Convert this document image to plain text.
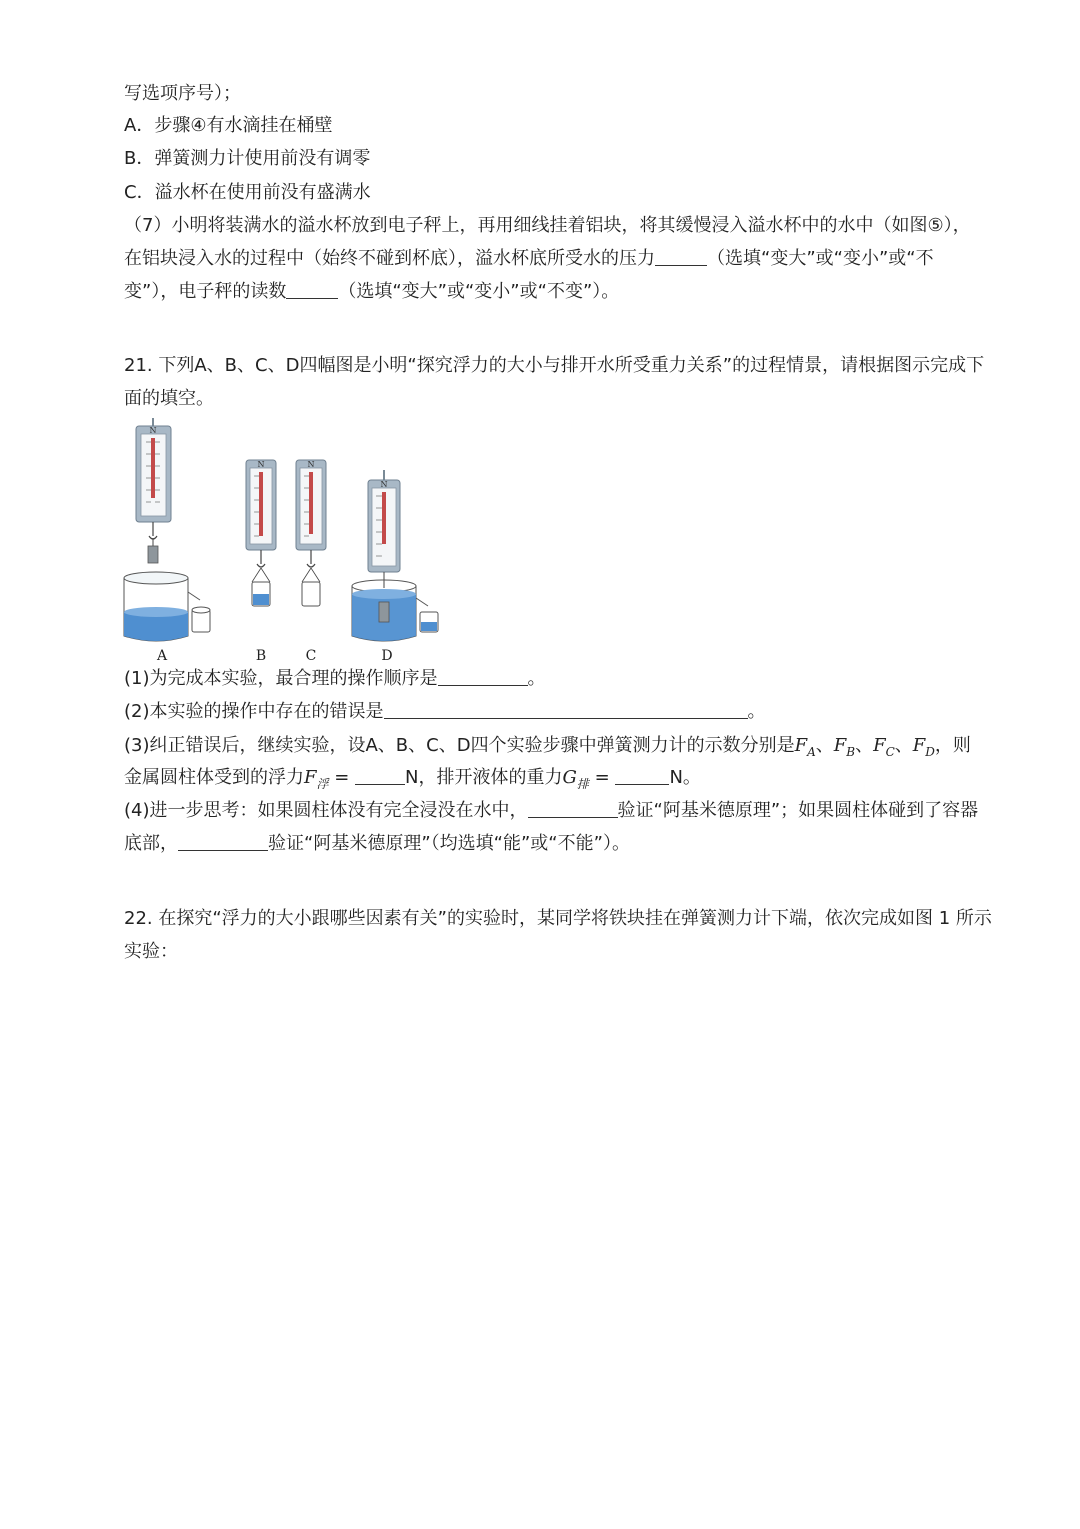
写选项序号）；
A．步骤④有水滴挂在桶壁
B．弹簧测力计使用前没有调零
C．溢水杯在使用前没有盛满水
（7）小明将装满水的溢水杯放到电子秤上，再用细线挂着铝块，将其缓慢浸入溢水杯中的水中（如图⑤），
在铝块浸入水的过程中（始终不碰到杯底），溢水杯底所受水的压力	（选填“变大”或“变小”或“不
变”），电子秤的读数	（选填“变大”或“变小”或“不变”）。
21. 下列A、B、C、D四幅图是小明“探究浮力的大小与排开水所受重力关系”的过程情景，请根据图示完成下
面的填空。
N
N	N
N
A	B	C	D
(1)为完成本实验，最合理的操作顺序是	。
(2)本实验的操作中存在的错误是	。
(3)纠正错误后，继续实验，设A、B、C、D四个实验步骤中弹簧测力计的示数分别是$F_A$、$F_B$、$F_C$、$F_D$，则
金属圆柱体受到的浮力$F_浮$ =	N，排开液体的重力$G_排$ =	N。
(4)进一步思考：如果圆柱体没有完全浸没在水中，	验证“阿基米德原理”；如果圆柱体碰到了容器
底部，	验证“阿基米德原理”（均选填“能”或“不能”）。
22. 在探究“浮力的大小跟哪些因素有关”的实验时，某同学将铁块挂在弹簧测力计下端，依次完成如图 1 所示
实验：
